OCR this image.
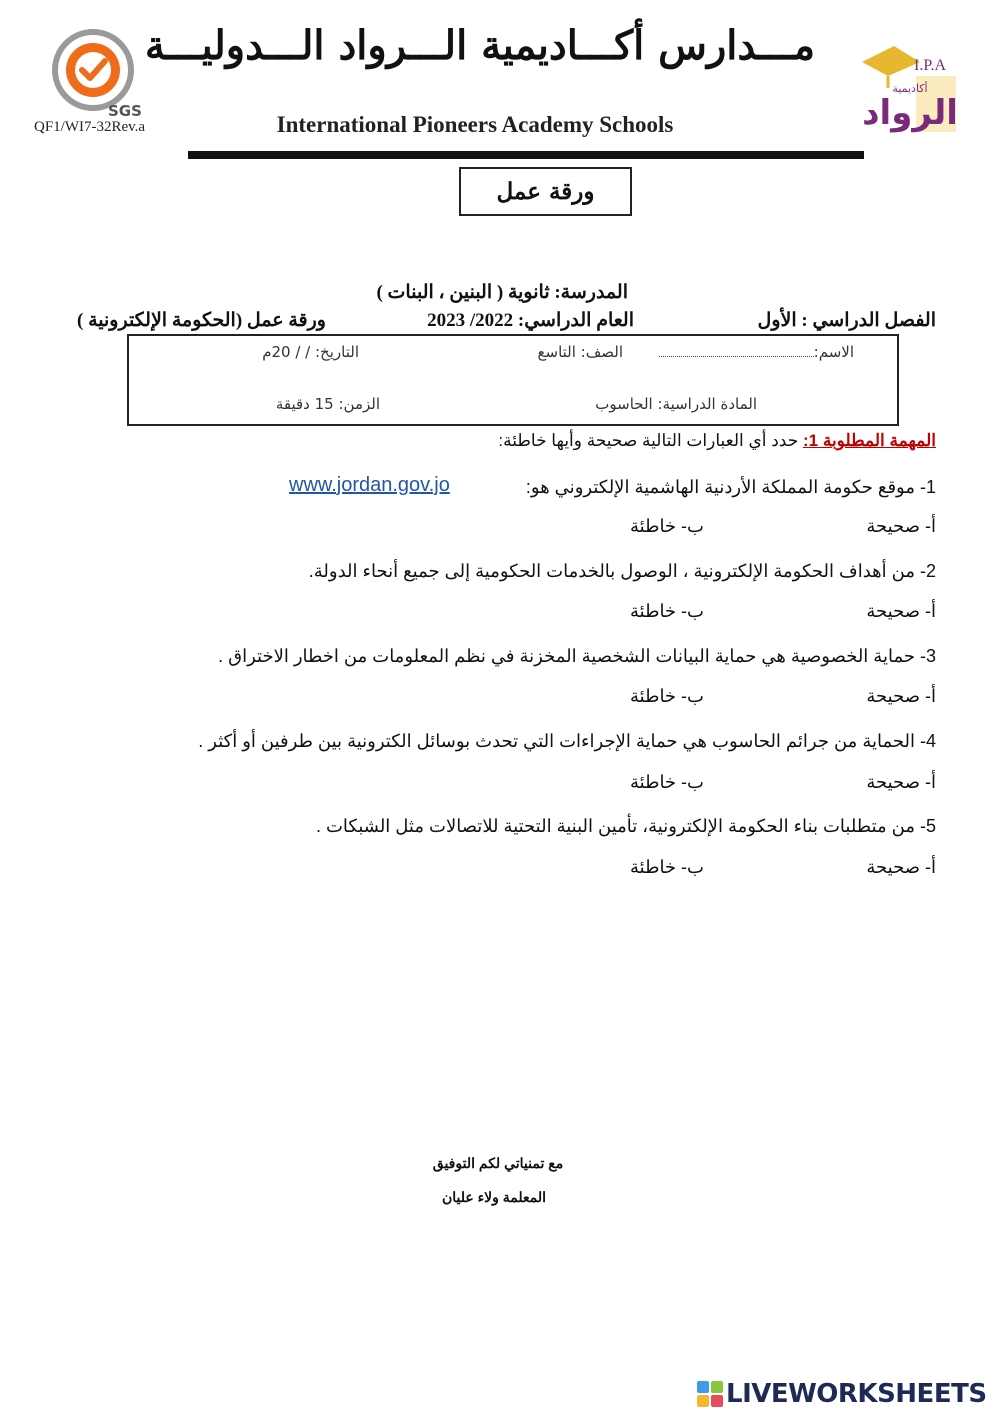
SGS
QF1/WI7-32Rev.a
مـــدارس أكـــاديمية الـــرواد الـــدوليـــة
International Pioneers Academy Schools
I.P.A
الرواد
أكاديمية
ورقة عمل
المدرسة: ثانوية ( البنين ، البنات )
الفصل الدراسي : الأول
العام الدراسي: 2022/ 2023
ورقة عمل (الحكومة الإلكترونية )
الاسم:
الصف: التاسع
التاريخ: / / 20م
المادة الدراسية: الحاسوب
الزمن: 15 دقيقة
المهمة المطلوبة 1: حدد أي العبارات التالية صحيحة وأيها خاطئة:
1- موقع حكومة المملكة الأردنية الهاشمية الإلكتروني هو:
www.jordan.gov.jo
أ- صحيحة
ب- خاطئة
2- من أهداف الحكومة الإلكترونية ، الوصول بالخدمات الحكومية إلى جميع أنحاء الدولة.
أ- صحيحة
ب- خاطئة
3- حماية الخصوصية هي حماية البيانات الشخصية المخزنة في نظم المعلومات من اخطار الاختراق .
أ- صحيحة
ب- خاطئة
4- الحماية من جرائم الحاسوب هي حماية الإجراءات التي تحدث بوسائل الكترونية بين طرفين أو أكثر .
أ- صحيحة
ب- خاطئة
5- من متطلبات بناء الحكومة الإلكترونية، تأمين البنية التحتية للاتصالات مثل الشبكات .
أ- صحيحة
ب- خاطئة
مع تمنياتي لكم التوفيق
المعلمة ولاء عليان
LIVEWORKSHEETS
